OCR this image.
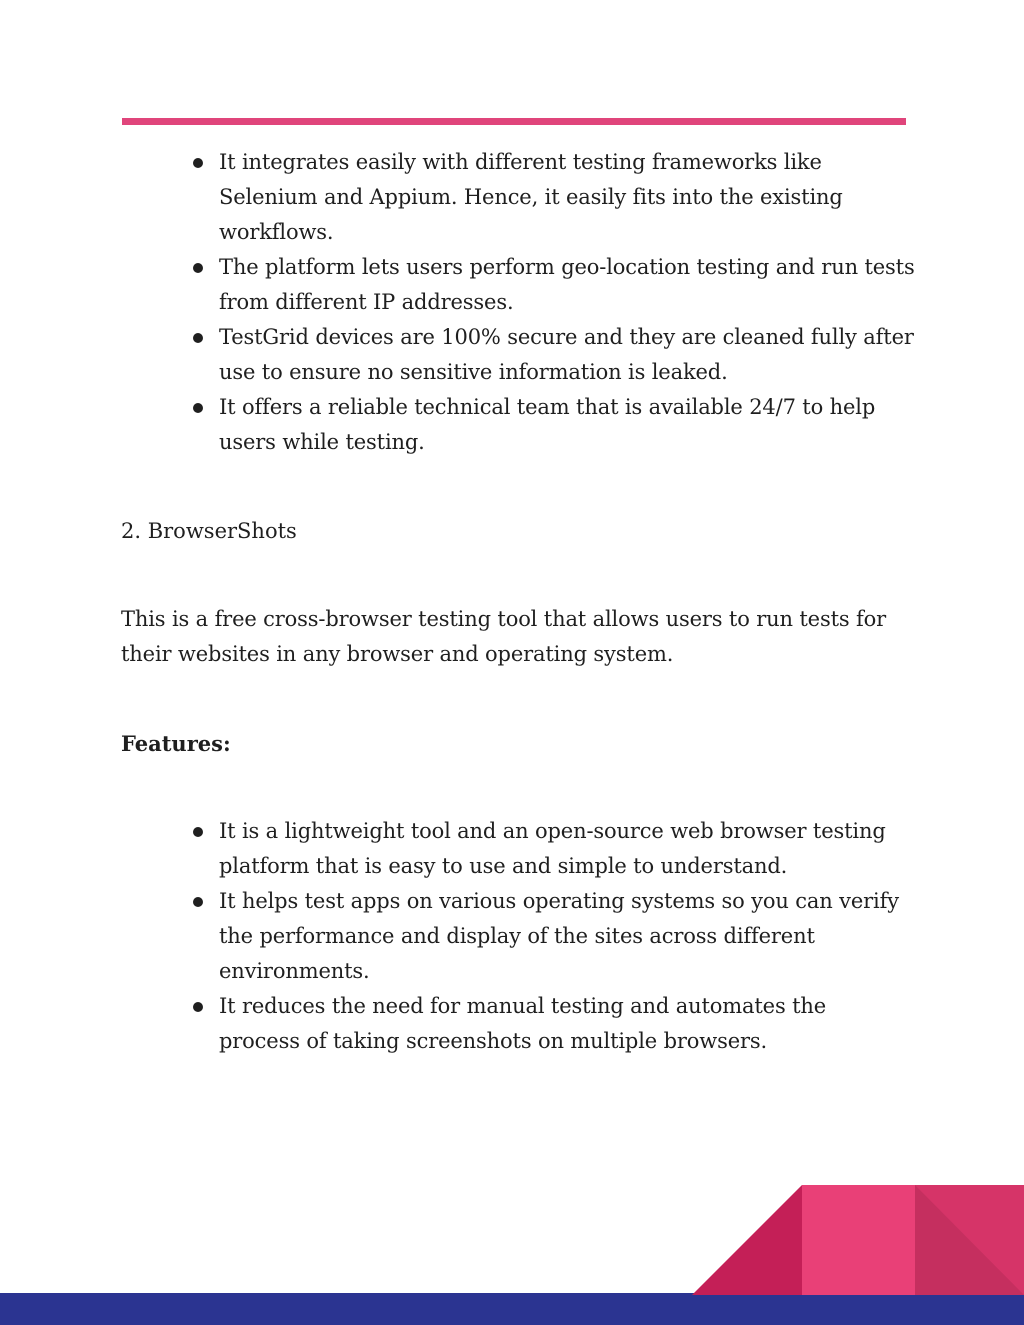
It integrates easily with different testing frameworks like Selenium and Appium. Hence, it easily fits into the existing workflows.
The platform lets users perform geo-location testing and run tests from different IP addresses.
TestGrid devices are 100% secure and they are cleaned fully after use to ensure no sensitive information is leaked.
It offers a reliable technical team that is available 24/7 to help users while testing.
2. BrowserShots

This is a free cross-browser testing tool that allows users to run tests for their websites in any browser and operating system.

Features:

It is a lightweight tool and an open-source web browser testing platform that is easy to use and simple to understand.
It helps test apps on various operating systems so you can verify the performance and display of the sites across different environments.
It reduces the need for manual testing and automates the process of taking screenshots on multiple browsers.
